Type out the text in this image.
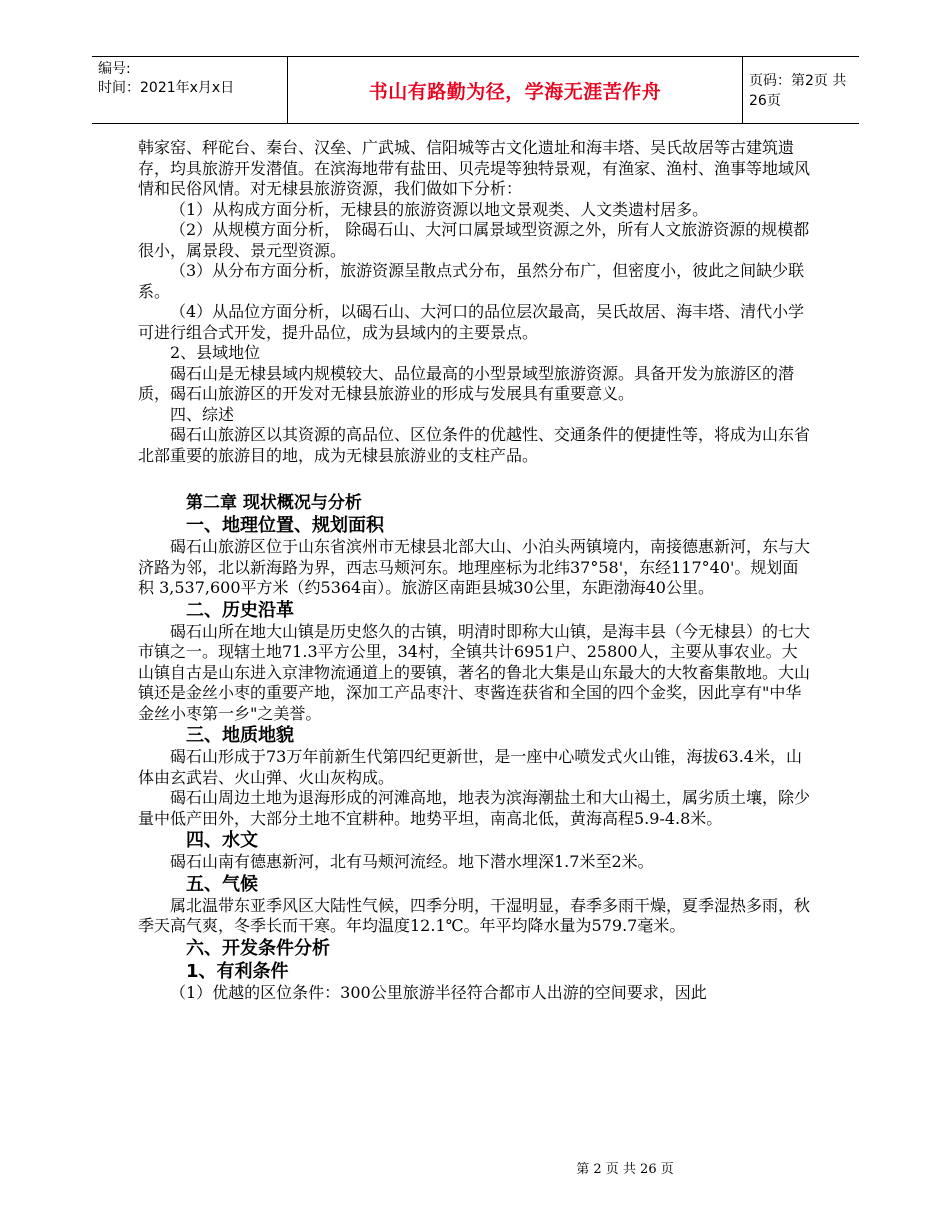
编号:
时间：2021年x月x日	书山有路勤为径，学海无涯苦作舟	页码：第2页 共26页

韩家窑、秤砣台、秦台、汉垒、广武城、信阳城等古文化遗址和海丰塔、吴氏故居等古建筑遗存，均具旅游开发潜值。在滨海地带有盐田、贝壳堤等独特景观，有渔家、渔村、渔事等地域风情和民俗风情。对无棣县旅游资源，我们做如下分析：

（1）从构成方面分析，无棣县的旅游资源以地文景观类、人文类遗村居多。

（2）从规模方面分析， 除碣石山、大河口属景域型资源之外，所有人文旅游资源的规模都很小，属景段、景元型资源。

（3）从分布方面分析，旅游资源呈散点式分布，虽然分布广，但密度小，彼此之间缺少联系。

（4）从品位方面分析，以碣石山、大河口的品位层次最高，吴氏故居、海丰塔、清代小学可进行组合式开发，提升品位，成为县域内的主要景点。

2、县域地位

碣石山是无棣县域内规模较大、品位最高的小型景域型旅游资源。具备开发为旅游区的潜质，碣石山旅游区的开发对无棣县旅游业的形成与发展具有重要意义。

四、综述

碣石山旅游区以其资源的高品位、区位条件的优越性、交通条件的便捷性等，将成为山东省北部重要的旅游目的地，成为无棣县旅游业的支柱产品。

第二章 现状概况与分析

一、地理位置、规划面积

碣石山旅游区位于山东省滨州市无棣县北部大山、小泊头两镇境内，南接德惠新河，东与大济路为邻，北以新海路为界，西志马颊河东。地理座标为北纬37°58'，东经117°40'。规划面积 3,537,600平方米（约5364亩）。旅游区南距县城30公里，东距渤海40公里。

二、历史沿革

碣石山所在地大山镇是历史悠久的古镇，明清时即称大山镇，是海丰县（今无棣县）的七大市镇之一。现辖土地71.3平方公里，34村，全镇共计6951户、25800人，主要从事农业。大山镇自古是山东进入京津物流通道上的要镇，著名的鲁北大集是山东最大的大牧畜集散地。大山镇还是金丝小枣的重要产地，深加工产品枣汁、枣酱连获省和全国的四个金奖，因此享有"中华金丝小枣第一乡"之美誉。

三、地质地貌

碣石山形成于73万年前新生代第四纪更新世，是一座中心喷发式火山锥，海拔63.4米，山体由玄武岩、火山弹、火山灰构成。

碣石山周边土地为退海形成的河滩高地，地表为滨海潮盐土和大山褐土，属劣质土壤，除少量中低产田外，大部分土地不宜耕种。地势平坦，南高北低，黄海高程5.9-4.8米。

四、水文

碣石山南有德惠新河，北有马颊河流经。地下潜水埋深1.7米至2米。

五、气候

属北温带东亚季风区大陆性气候，四季分明，干湿明显，春季多雨干燥，夏季湿热多雨，秋季天高气爽，冬季长而干寒。年均温度12.1℃。年平均降水量为579.7毫米。

六、开发条件分析

1、有利条件

（1）优越的区位条件：300公里旅游半径符合都市人出游的空间要求，因此

第 2 页 共 26 页
